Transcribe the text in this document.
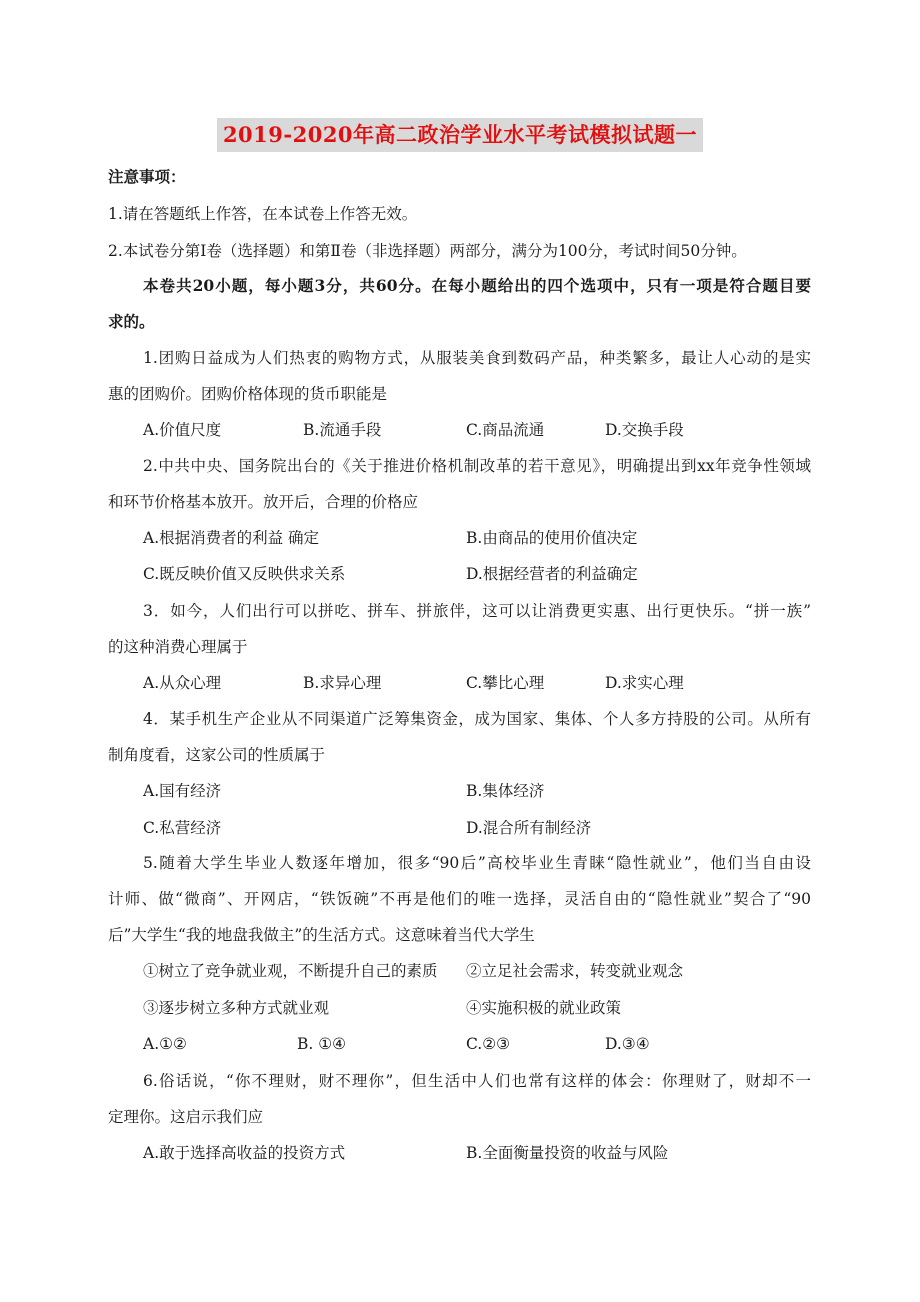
2019-2020年高二政治学业水平考试模拟试题一
注意事项：
1.请在答题纸上作答，在本试卷上作答无效。
2.本试卷分第Ⅰ卷（选择题）和第Ⅱ卷（非选择题）两部分，满分为100分，考试时间50分钟。
本卷共20小题，每小题3分，共60分。在每小题给出的四个选项中，只有一项是符合题目要
求的。
1.团购日益成为人们热衷的购物方式，从服装美食到数码产品，种类繁多，最让人心动的是实
惠的团购价。团购价格体现的货币职能是
A.价值尺度	B.流通手段	C.商品流通	D.交换手段
2.中共中央、国务院出台的《关于推进价格机制改革的若干意见》，明确提出到xx年竞争性领域
和环节价格基本放开。放开后，合理的价格应
A.根据消费者的利益 确定	B.由商品的使用价值决定
C.既反映价值又反映供求关系	D.根据经营者的利益确定
3．如今，人们出行可以拼吃、拼车、拼旅伴，这可以让消费更实惠、出行更快乐。“拼一族”
的这种消费心理属于
A.从众心理	B.求异心理	C.攀比心理	D.求实心理
4．某手机生产企业从不同渠道广泛筹集资金，成为国家、集体、个人多方持股的公司。从所有
制角度看，这家公司的性质属于
A.国有经济	B.集体经济
C.私营经济	D.混合所有制经济
5.随着大学生毕业人数逐年增加，很多“90后”高校毕业生青睐“隐性就业”，他们当自由设
计师、做“微商”、开网店，“铁饭碗”不再是他们的唯一选择，灵活自由的“隐性就业”契合了“90
后”大学生“我的地盘我做主”的生活方式。这意味着当代大学生
①树立了竞争就业观，不断提升自己的素质 ②立足社会需求，转变就业观念
③逐步树立多种方式就业观	④实施积极的就业政策
A.①②	B. ①④	C.②③	D.③④
6.俗话说，“你不理财，财不理你”，但生活中人们也常有这样的体会：你理财了，财却不一
定理你。这启示我们应
A.敢于选择高收益的投资方式	B.全面衡量投资的收益与风险
